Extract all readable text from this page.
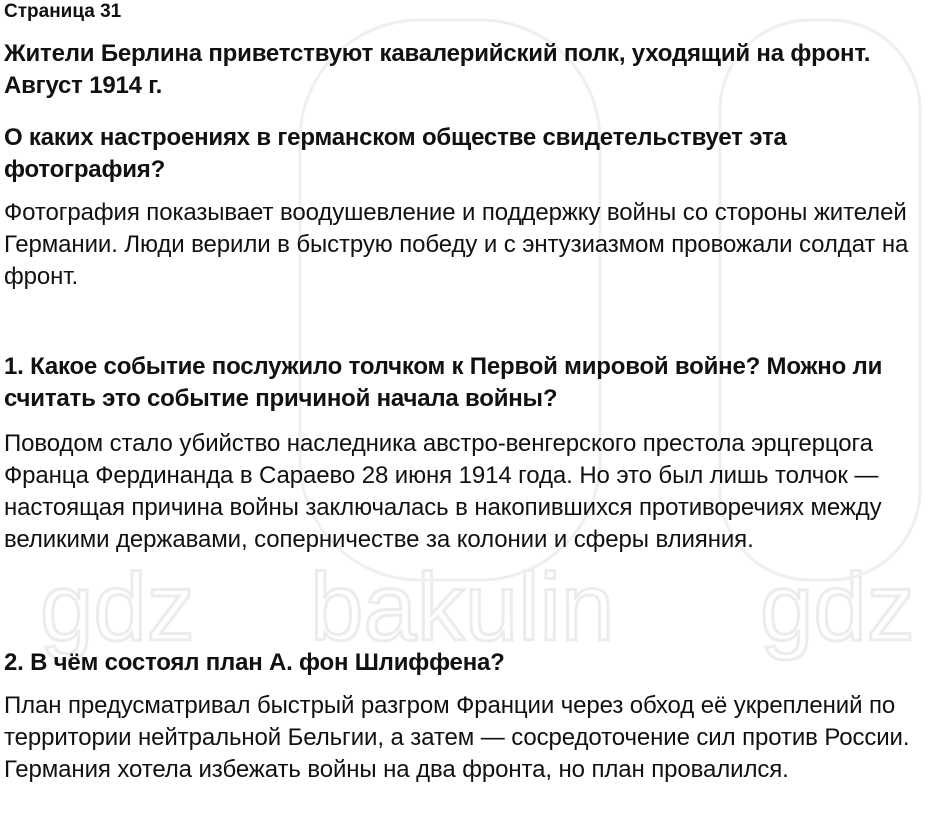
gdz bakulin gdz

Страница 31

Жители Берлина приветствуют кавалерийский полк, уходящий на фронт. Август 1914 г.

О каких настроениях в германском обществе свидетельствует эта фотография?

Фотография показывает воодушевление и поддержку войны со стороны жителей Германии. Люди верили в быструю победу и с энтузиазмом провожали солдат на фронт.

1. Какое событие послужило толчком к Первой мировой войне? Можно ли считать это событие причиной начала войны?

Поводом стало убийство наследника австро-венгерского престола эрцгерцога Франца Фердинанда в Сараево 28 июня 1914 года. Но это был лишь толчок — настоящая причина войны заключалась в накопившихся противоречиях между великими державами, соперничестве за колонии и сферы влияния.

2. В чём состоял план А. фон Шлиффена?

План предусматривал быстрый разгром Франции через обход её укреплений по территории нейтральной Бельгии, а затем — сосредоточение сил против России. Германия хотела избежать войны на два фронта, но план провалился.
